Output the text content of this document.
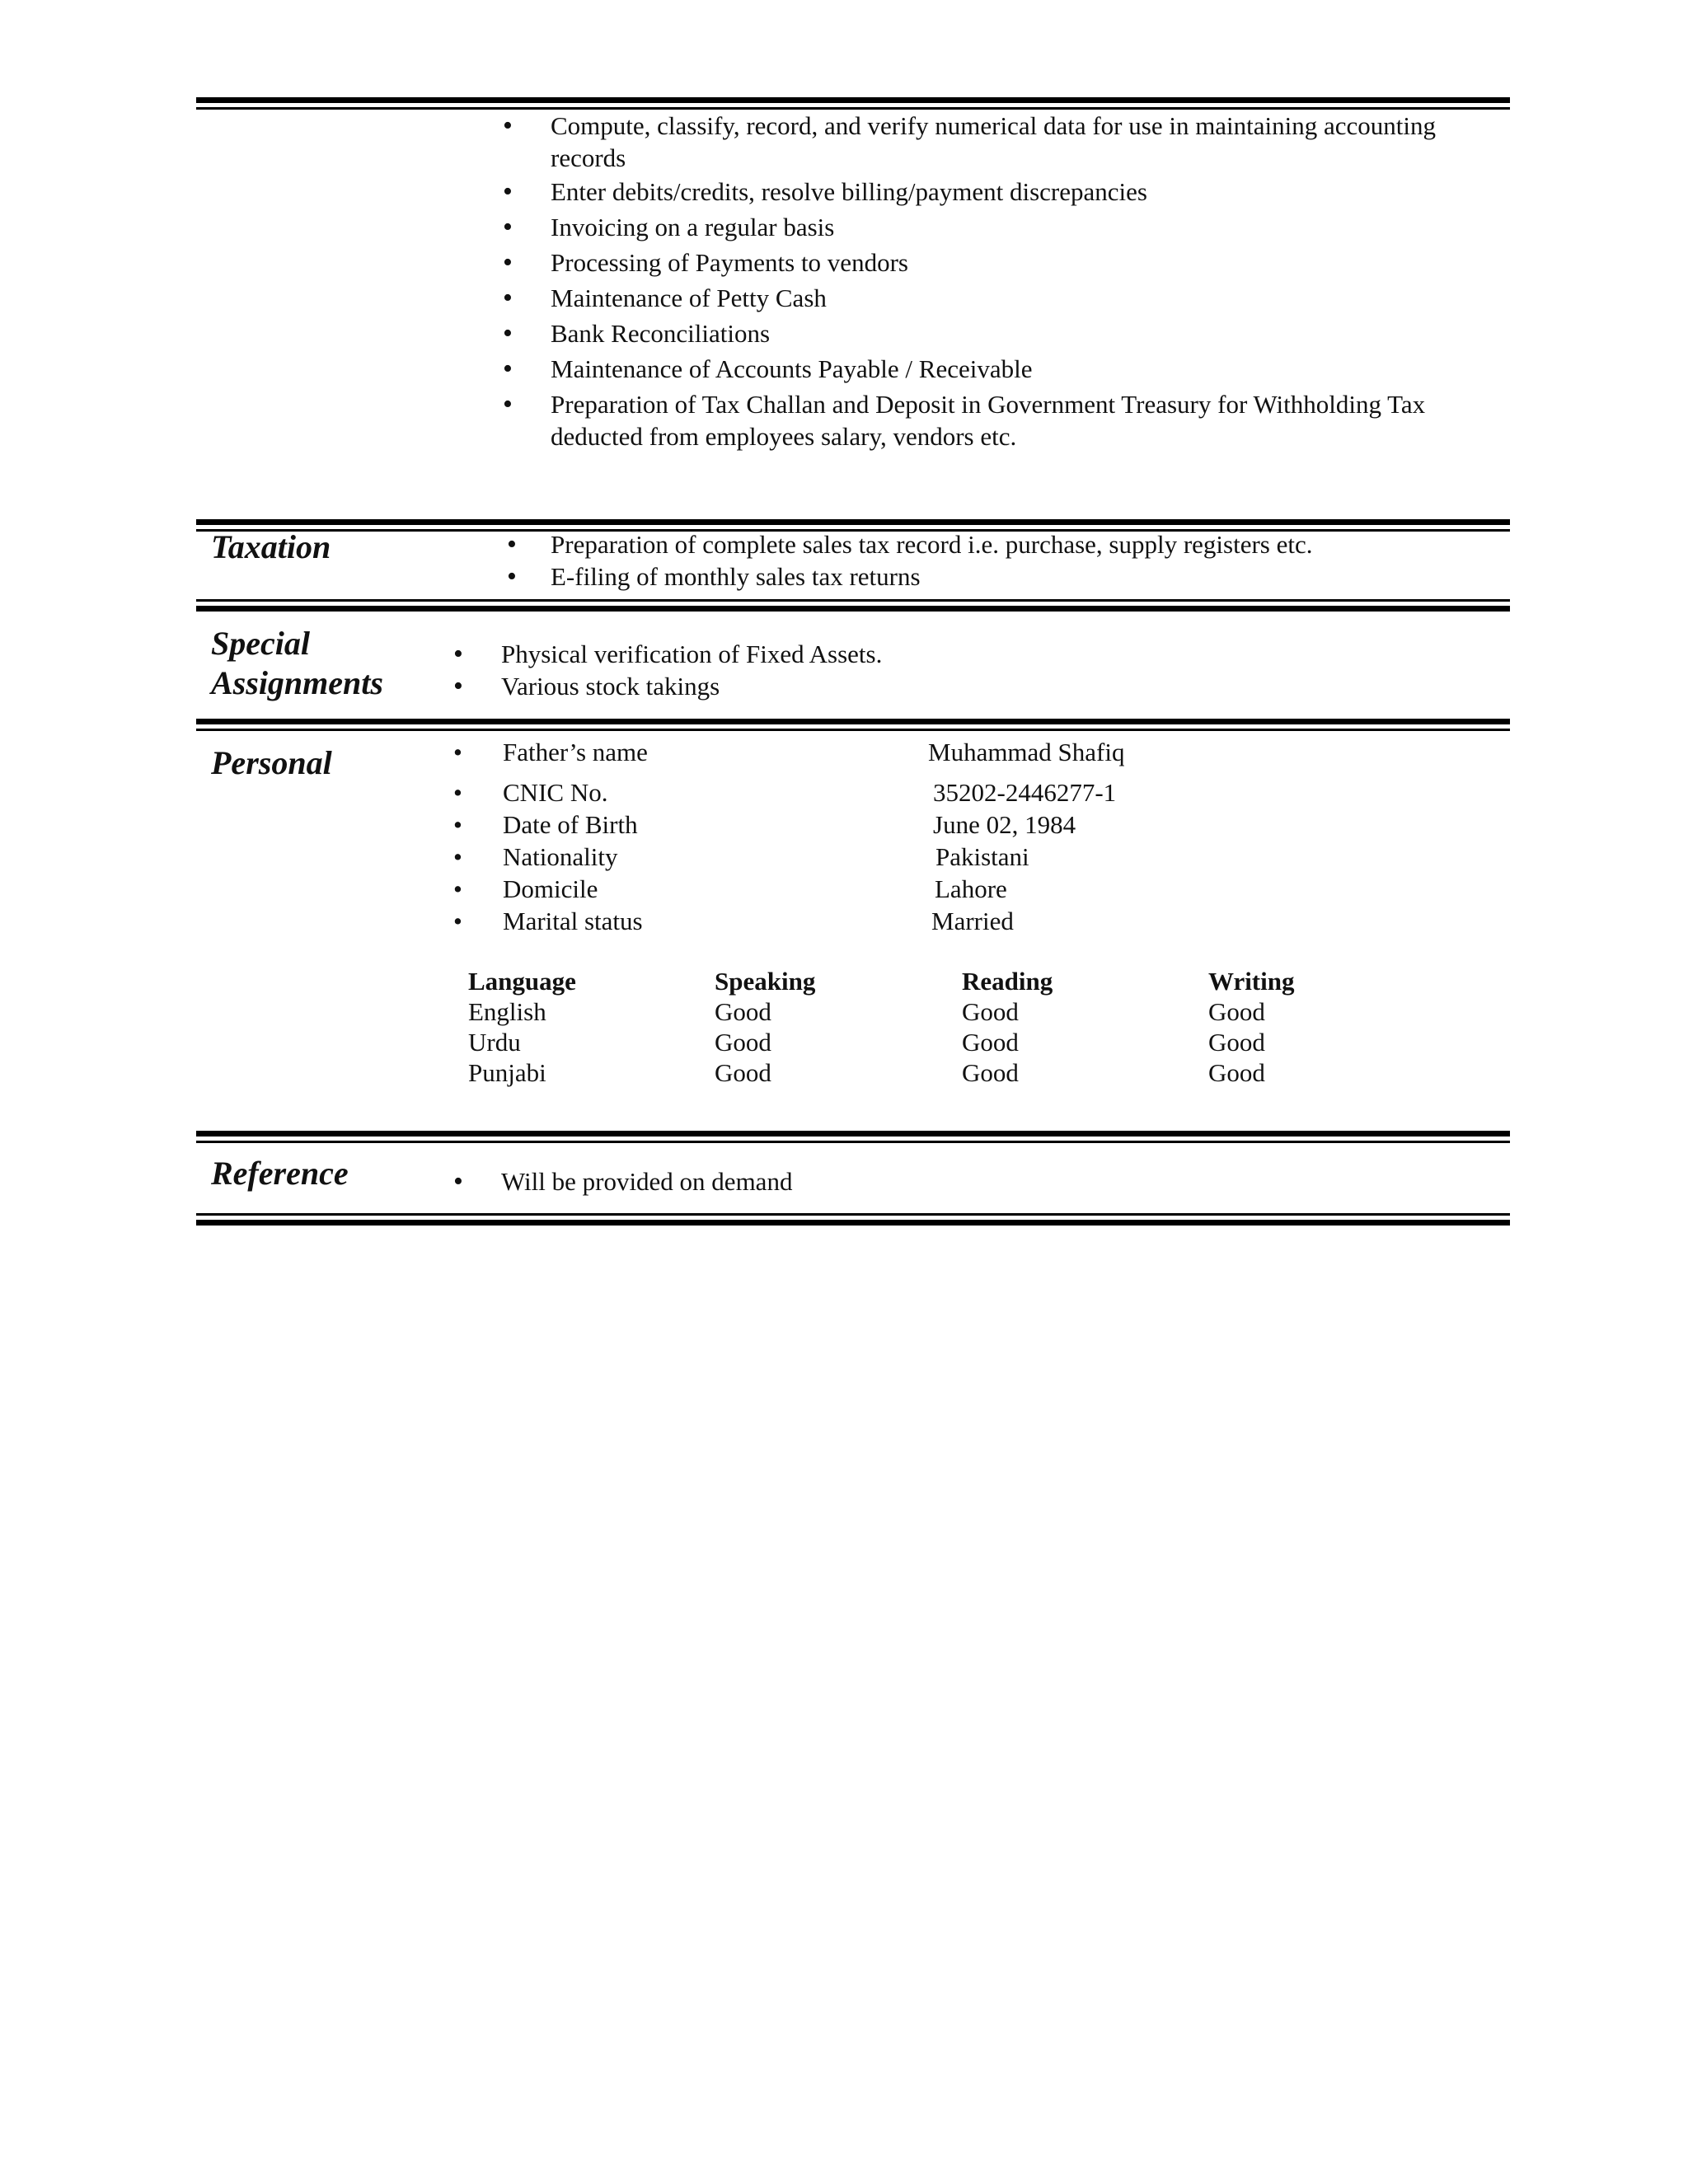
• Compute, classify, record, and verify numerical data for use in maintaining accounting records
• Enter debits/credits, resolve billing/payment discrepancies
• Invoicing on a regular basis
• Processing of Payments to vendors
• Maintenance of Petty Cash
• Bank Reconciliations
• Maintenance of Accounts Payable / Receivable
• Preparation of Tax Challan and Deposit in Government Treasury for Withholding Tax deducted from employees salary, vendors etc.
Taxation	• Preparation of complete sales tax record i.e. purchase, supply registers etc.
• E-filing of monthly sales tax returns
Special
Assignments
• Physical verification of Fixed Assets.
• Various stock takings
Personal	• Father’s name	Muhammad Shafiq
• CNIC No.	35202-2446277-1
• Date of Birth	June 02, 1984
• Nationality	Pakistani
• Domicile	Lahore
• Marital status	Married
Language	Speaking	Reading	Writing
English	Good	Good	Good
Urdu	Good	Good	Good
Punjabi	Good	Good	Good
Reference	• Will be provided on demand
